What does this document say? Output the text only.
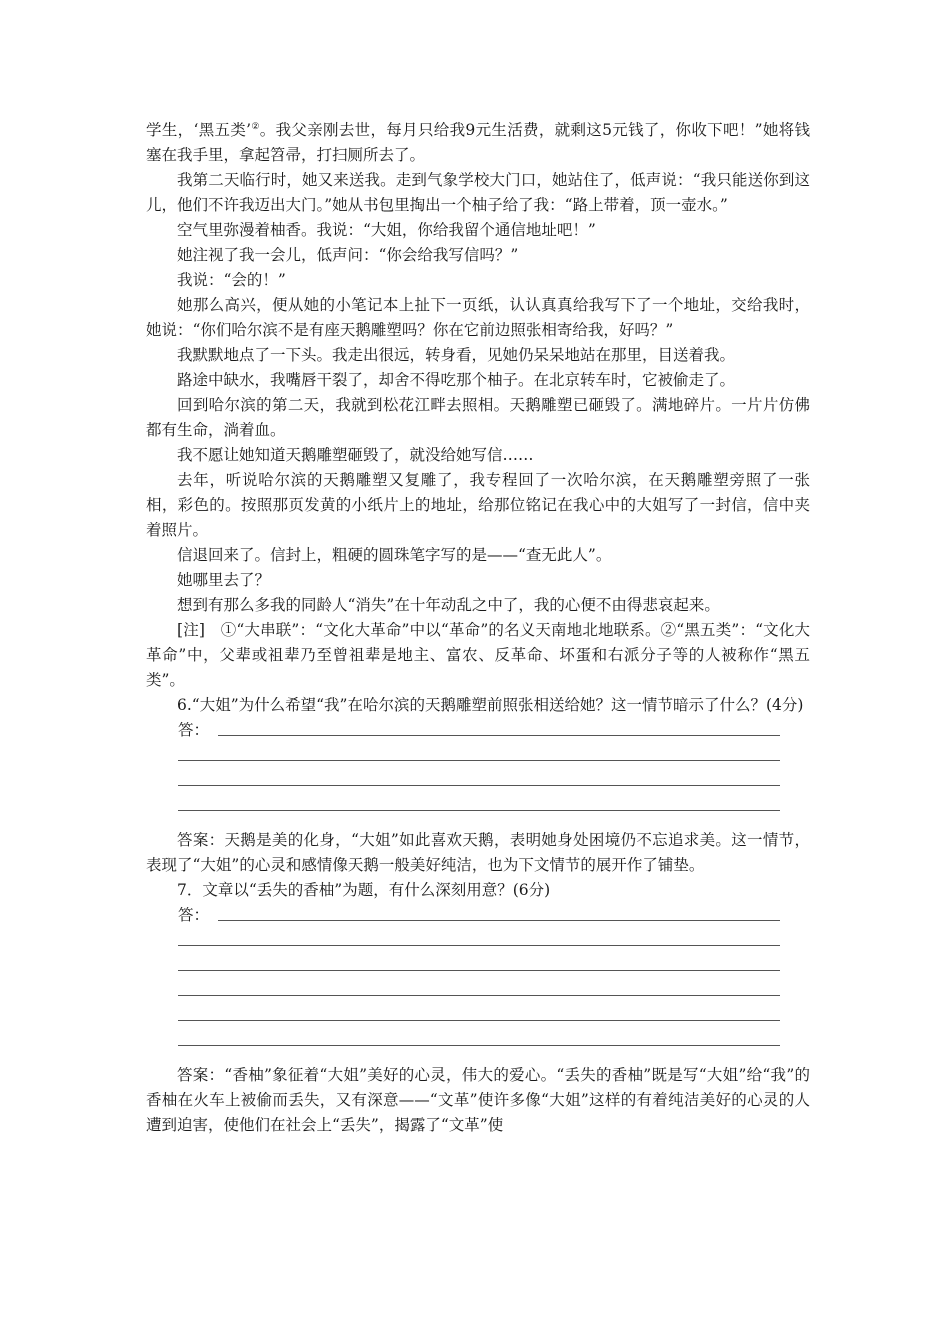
学生，‘黑五类’②。我父亲刚去世，每月只给我9元生活费，就剩这5元钱了，你收下吧！”她将钱塞在我手里，拿起笤帚，打扫厕所去了。

我第二天临行时，她又来送我。走到气象学校大门口，她站住了，低声说：“我只能送你到这儿，他们不许我迈出大门。”她从书包里掏出一个柚子给了我：“路上带着，顶一壶水。”

空气里弥漫着柚香。我说：“大姐，你给我留个通信地址吧！”

她注视了我一会儿，低声问：“你会给我写信吗？”

我说：“会的！”

她那么高兴，便从她的小笔记本上扯下一页纸，认认真真给我写下了一个地址，交给我时，她说：“你们哈尔滨不是有座天鹅雕塑吗？你在它前边照张相寄给我，好吗？”

我默默地点了一下头。我走出很远，转身看，见她仍呆呆地站在那里，目送着我。

路途中缺水，我嘴唇干裂了，却舍不得吃那个柚子。在北京转车时，它被偷走了。

回到哈尔滨的第二天，我就到松花江畔去照相。天鹅雕塑已砸毁了。满地碎片。一片片仿佛都有生命，淌着血。

我不愿让她知道天鹅雕塑砸毁了，就没给她写信……

去年，听说哈尔滨的天鹅雕塑又复雕了，我专程回了一次哈尔滨，在天鹅雕塑旁照了一张相，彩色的。按照那页发黄的小纸片上的地址，给那位铭记在我心中的大姐写了一封信，信中夹着照片。

信退回来了。信封上，粗硬的圆珠笔字写的是——“查无此人”。

她哪里去了？

想到有那么多我的同龄人“消失”在十年动乱之中了，我的心便不由得悲哀起来。

[注]　①“大串联”：“文化大革命”中以“革命”的名义天南地北地联系。②“黑五类”：“文化大革命”中，父辈或祖辈乃至曾祖辈是地主、富农、反革命、坏蛋和右派分子等的人被称作“黑五类”。

6.“大姐”为什么希望“我”在哈尔滨的天鹅雕塑前照张相送给她？这一情节暗示了什么？(4分)

答：

答案：天鹅是美的化身，“大姐”如此喜欢天鹅，表明她身处困境仍不忘追求美。这一情节，表现了“大姐”的心灵和感情像天鹅一般美好纯洁，也为下文情节的展开作了铺垫。

7．文章以“丢失的香柚”为题，有什么深刻用意？(6分)

答：

答案：“香柚”象征着“大姐”美好的心灵，伟大的爱心。“丢失的香柚”既是写“大姐”给“我”的香柚在火车上被偷而丢失，又有深意——“文革”使许多像“大姐”这样的有着纯洁美好的心灵的人遭到迫害，使他们在社会上“丢失”，揭露了“文革”使
